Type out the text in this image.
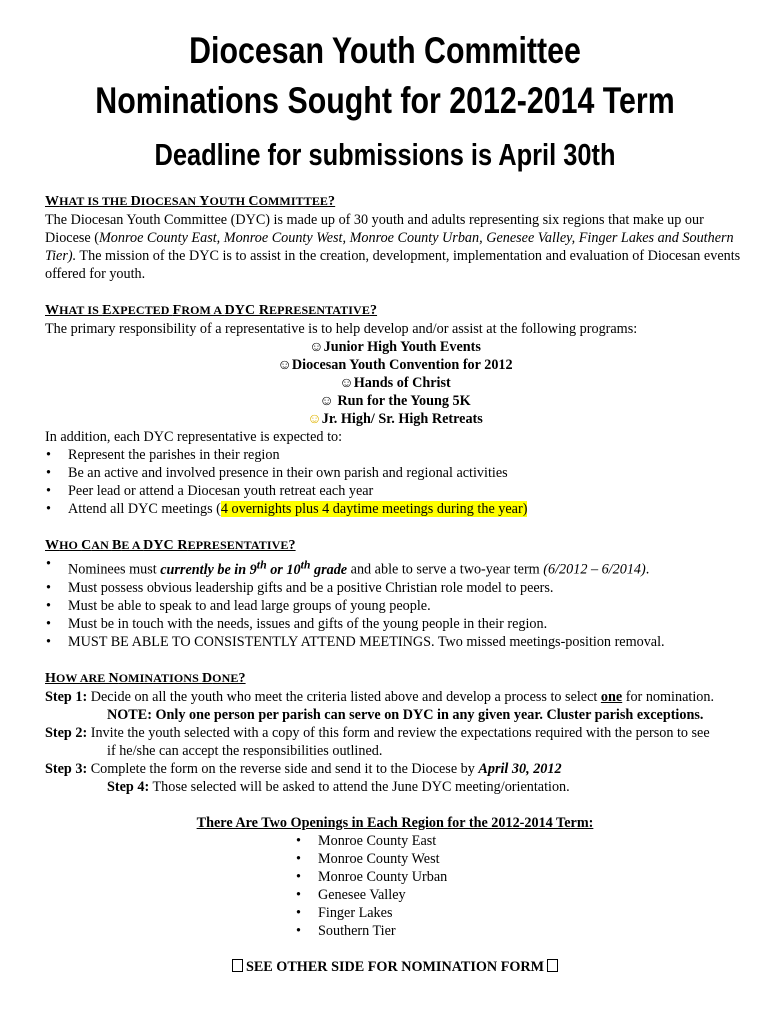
Diocesan Youth Committee
Nominations Sought for 2012-2014 Term
Deadline for submissions is April 30th
WHAT IS THE DIOCESAN YOUTH COMMITTEE?
The Diocesan Youth Committee (DYC) is made up of 30 youth and adults representing six regions that make up our Diocese (Monroe County East, Monroe County West, Monroe County Urban, Genesee Valley, Finger Lakes and Southern Tier). The mission of the DYC is to assist in the creation, development, implementation and evaluation of Diocesan events offered for youth.
WHAT IS EXPECTED FROM A DYC REPRESENTATIVE?
The primary responsibility of a representative is to help develop and/or assist at the following programs:
☺Junior High Youth Events
☺Diocesan Youth Convention for 2012
☺Hands of Christ
☺ Run for the Young 5K
☺Jr. High/ Sr. High Retreats
In addition, each DYC representative is expected to:
• Represent the parishes in their region
• Be an active and involved presence in their own parish and regional activities
• Peer lead or attend a Diocesan youth retreat each year
• Attend all DYC meetings (4 overnights plus 4 daytime meetings during the year)
WHO CAN BE A DYC REPRESENTATIVE?
• Nominees must currently be in 9th or 10th grade and able to serve a two-year term (6/2012 – 6/2014).
• Must possess obvious leadership gifts and be a positive Christian role model to peers.
• Must be able to speak to and lead large groups of young people.
• Must be in touch with the needs, issues and gifts of the young people in their region.
• MUST BE ABLE TO CONSISTENTLY ATTEND MEETINGS. Two missed meetings-position removal.
HOW ARE NOMINATIONS DONE?
Step 1: Decide on all the youth who meet the criteria listed above and develop a process to select one for nomination.
NOTE: Only one person per parish can serve on DYC in any given year. Cluster parish exceptions.
Step 2: Invite the youth selected with a copy of this form and review the expectations required with the person to see
if he/she can accept the responsibilities outlined.
Step 3: Complete the form on the reverse side and send it to the Diocese by April 30, 2012
Step 4: Those selected will be asked to attend the June DYC meeting/orientation.
There Are Two Openings in Each Region for the 2012-2014 Term:
• Monroe County East
• Monroe County West
• Monroe County Urban
• Genesee Valley
• Finger Lakes
• Southern Tier
SEE OTHER SIDE FOR NOMINATION FORM
